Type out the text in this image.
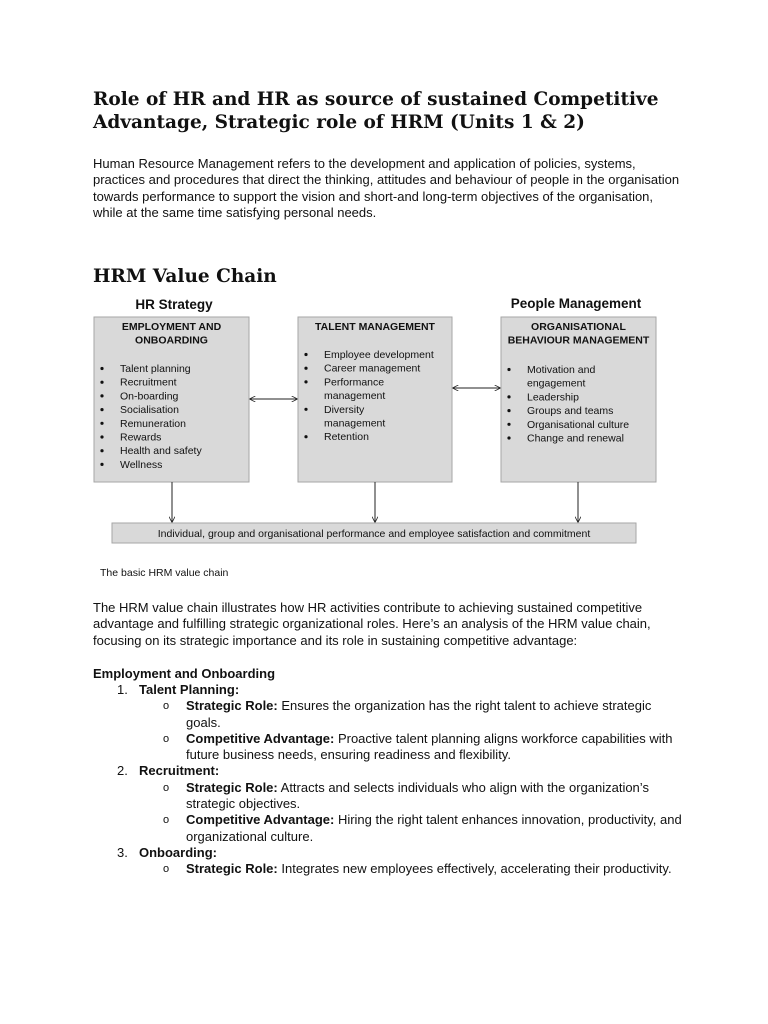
Role of HR and HR as source of sustained Competitive Advantage, Strategic role of HRM (Units 1 & 2)

Human Resource Management refers to the development and application of policies, systems, practices and procedures that direct the thinking, attitudes and behaviour of people in the organisation towards performance to support the vision and short-and long-term objectives of the organisation, while at the same time satisfying personal needs.

HRM Value Chain
HR Strategy	People Management
EMPLOYMENT AND
ONBOARDING
Talent planning
Recruitment
On-boarding
Socialisation
Remuneration
Rewards
Health and safety
Wellness
TALENT MANAGEMENT
Employee development
Career management
Performance
management
Diversity
management
Retention
ORGANISATIONAL
BEHAVIOUR MANAGEMENT
Motivation and
engagement
Leadership
Groups and teams
Organisational culture
Change and renewal
Individual, group and organisational performance and employee satisfaction and commitment
The basic HRM value chain

The HRM value chain illustrates how HR activities contribute to achieving sustained competitive advantage and fulfilling strategic organizational roles. Here’s an analysis of the HRM value chain, focusing on its strategic importance and its role in sustaining competitive advantage:

Employment and Onboarding
1. Talent Planning:
o Strategic Role: Ensures the organization has the right talent to achieve strategic goals.
o Competitive Advantage: Proactive talent planning aligns workforce capabilities with future business needs, ensuring readiness and flexibility.
2. Recruitment:
o Strategic Role: Attracts and selects individuals who align with the organization’s strategic objectives.
o Competitive Advantage: Hiring the right talent enhances innovation, productivity, and organizational culture.
3. Onboarding:
o Strategic Role: Integrates new employees effectively, accelerating their productivity.
